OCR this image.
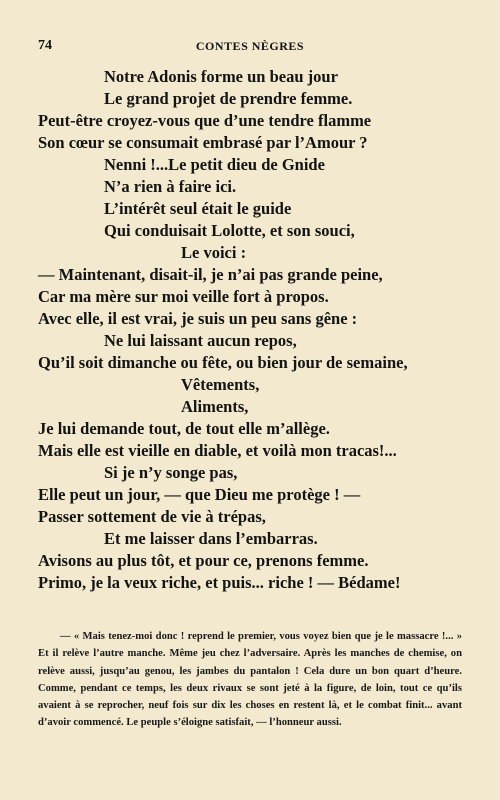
74	CONTES NÈGRES
Notre Adonis forme un beau jour
Le grand projet de prendre femme.
Peut-être croyez-vous que d’une tendre flamme
Son cœur se consumait embrasé par l’Amour ?
Nenni !...Le petit dieu de Gnide
N’a rien à faire ici.
L’intérêt seul était le guide
Qui conduisait Lolotte, et son souci,
Le voici :
— Maintenant, disait-il, je n’ai pas grande peine,
Car ma mère sur moi veille fort à propos.
Avec elle, il est vrai, je suis un peu sans gêne :
Ne lui laissant aucun repos,
Qu’il soit dimanche ou fête, ou bien jour de semaine,
Vêtements,
Aliments,
Je lui demande tout, de tout elle m’allège.
Mais elle est vieille en diable, et voilà mon tracas!...
Si je n’y songe pas,
Elle peut un jour, — que Dieu me protège ! —
Passer sottement de vie à trépas,
Et me laisser dans l’embarras.
Avisons au plus tôt, et pour ce, prenons femme.
Primo, je la veux riche, et puis... riche ! — Bédame!
— « Mais tenez-moi donc ! reprend le premier, vous voyez bien que je le massacre !... » Et il relève l’autre manche. Même jeu chez l’adversaire. Après les manches de chemise, on relève aussi, jusqu’au genou, les jambes du pantalon ! Cela dure un bon quart d’heure. Comme, pendant ce temps, les deux rivaux se sont jeté à la figure, de loin, tout ce qu’ils avaient à se reprocher, neuf fois sur dix les choses en restent là, et le combat finit... avant d’avoir commencé. Le peuple s’éloigne satisfait, — l’honneur aussi.
